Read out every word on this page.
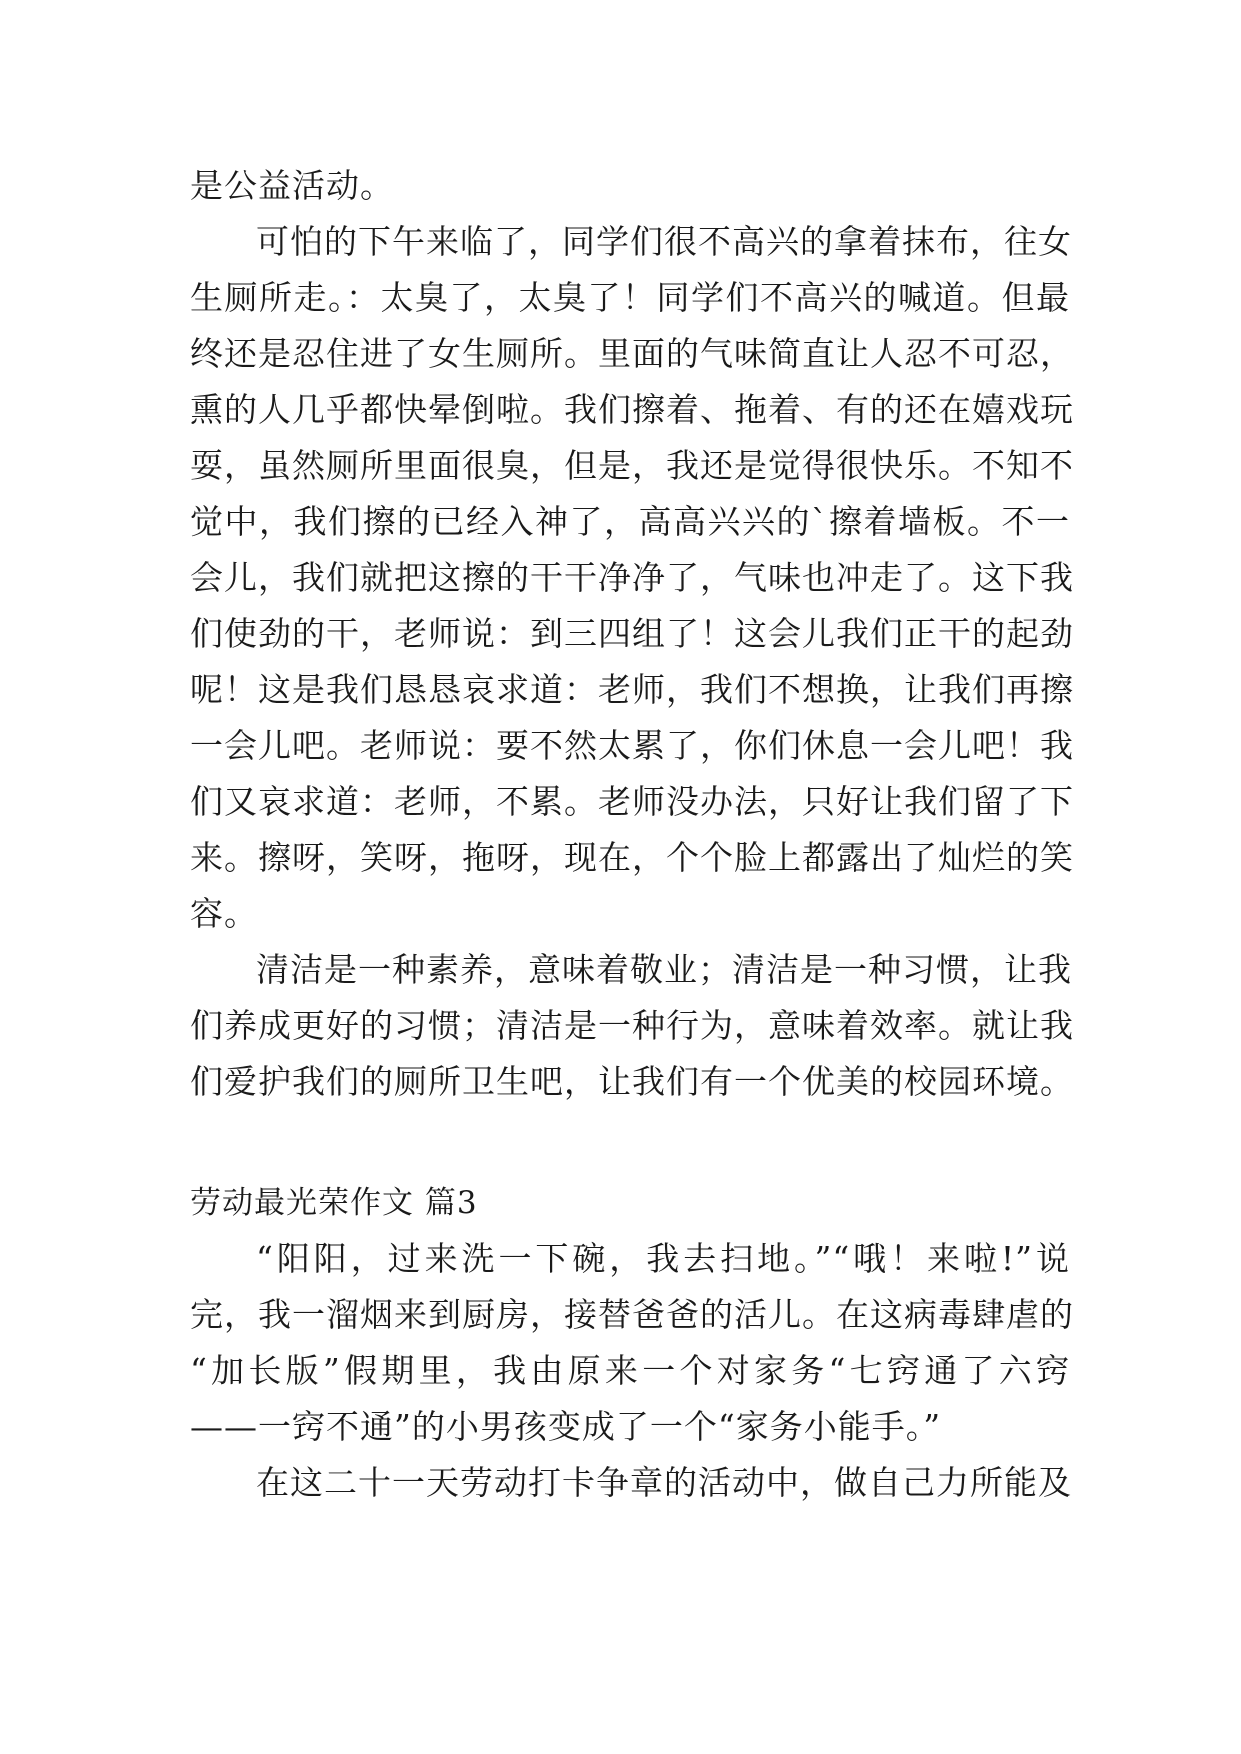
是公益活动。
可怕的下午来临了，同学们很不高兴的拿着抹布，往女
生厕所走。：太臭了，太臭了！同学们不高兴的喊道。但最
终还是忍住进了女生厕所。里面的气味简直让人忍不可忍，
熏的人几乎都快晕倒啦。我们擦着、拖着、有的还在嬉戏玩
耍，虽然厕所里面很臭，但是，我还是觉得很快乐。不知不
觉中，我们擦的已经入神了，高高兴兴的`擦着墙板。不一
会儿，我们就把这擦的干干净净了，气味也冲走了。这下我
们使劲的干，老师说：到三四组了！这会儿我们正干的起劲
呢！这是我们恳恳哀求道：老师，我们不想换，让我们再擦
一会儿吧。老师说：要不然太累了，你们休息一会儿吧！我
们又哀求道：老师，不累。老师没办法，只好让我们留了下
来。擦呀，笑呀，拖呀，现在，个个脸上都露出了灿烂的笑
容。
清洁是一种素养，意味着敬业；清洁是一种习惯，让我
们养成更好的习惯；清洁是一种行为，意味着效率。就让我
们爱护我们的厕所卫生吧，让我们有一个优美的校园环境。
劳动最光荣作文 篇3
“阳阳，过来洗一下碗，我去扫地。”“哦！来啦!”说
完，我一溜烟来到厨房，接替爸爸的活儿。在这病毒肆虐的
“加长版”假期里，我由原来一个对家务“七窍通了六窍
——一窍不通”的小男孩变成了一个“家务小能手。”
在这二十一天劳动打卡争章的活动中，做自己力所能及
